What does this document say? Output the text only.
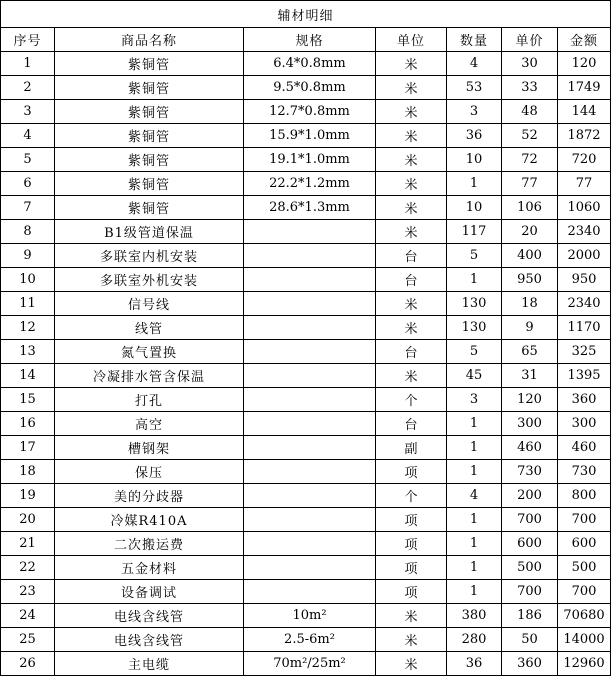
辅材明细						
序号	商品名称	规格	单位	数量	单价	金额
1	紫铜管	6.4*0.8mm	米	4	30	120
2	紫铜管	9.5*0.8mm	米	53	33	1749
3	紫铜管	12.7*0.8mm	米	3	48	144
4	紫铜管	15.9*1.0mm	米	36	52	1872
5	紫铜管	19.1*1.0mm	米	10	72	720
6	紫铜管	22.2*1.2mm	米	1	77	77
7	紫铜管	28.6*1.3mm	米	10	106	1060
8	B1级管道保温		米	117	20	2340
9	多联室内机安装		台	5	400	2000
10	多联室外机安装		台	1	950	950
11	信号线		米	130	18	2340
12	线管		米	130	9	1170
13	氮气置换		台	5	65	325
14	冷凝排水管含保温		米	45	31	1395
15	打孔		个	3	120	360
16	高空		台	1	300	300
17	槽钢架		副	1	460	460
18	保压		项	1	730	730
19	美的分歧器		个	4	200	800
20	冷媒R410A		项	1	700	700
21	二次搬运费		项	1	600	600
22	五金材料		项	1	500	500
23	设备调试		项	1	700	700
24	电线含线管	10m²	米	380	186	70680
25	电线含线管	2.5-6m²	米	280	50	14000
26	主电缆	70m²/25m²	米	36	360	12960
